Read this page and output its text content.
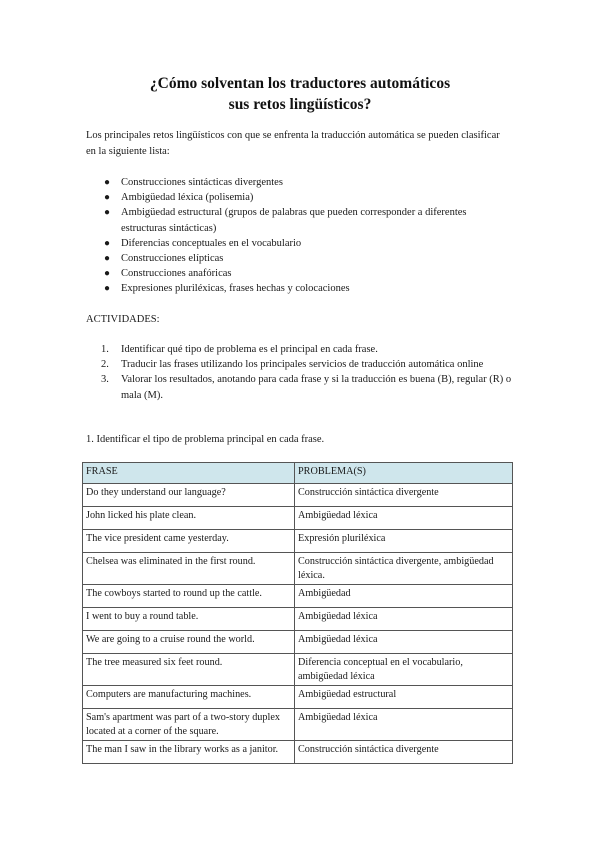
¿Cómo solventan los traductores automáticos
sus retos lingüísticos?
Los principales retos lingüísticos con que se enfrenta la traducción automática se pueden clasificar en la siguiente lista:
● Construcciones sintácticas divergentes
● Ambigüedad léxica (polisemia)
● Ambigüedad estructural (grupos de palabras que pueden corresponder a diferentes estructuras sintácticas)
● Diferencias conceptuales en el vocabulario
● Construcciones elípticas
● Construcciones anafóricas
● Expresiones pluriléxicas, frases hechas y colocaciones
ACTIVIDADES:
1. Identificar qué tipo de problema es el principal en cada frase.
2. Traducir las frases utilizando los principales servicios de traducción automática online
3. Valorar los resultados, anotando para cada frase y si la traducción es buena (B), regular (R) o mala (M).
1. Identificar el tipo de problema principal en cada frase.
FRASE	PROBLEMA(S)
Do they understand our language?	Construcción sintáctica divergente
John licked his plate clean.	Ambigüedad léxica
The vice president came yesterday.	Expresión pluriléxica
Chelsea was eliminated in the first round.	Construcción sintáctica divergente, ambigüedad léxica.
The cowboys started to round up the cattle.	Ambigüedad
I went to buy a round table.	Ambigüedad léxica
We are going to a cruise round the world.	Ambigüedad léxica
The tree measured six feet round.	Diferencia conceptual en el vocabulario, ambigüedad léxica
Computers are manufacturing machines.	Ambigüedad estructural
Sam's apartment was part of a two-story duplex located at a corner of the square.	Ambigüedad léxica
The man I saw in the library works as a janitor.	Construcción sintáctica divergente
